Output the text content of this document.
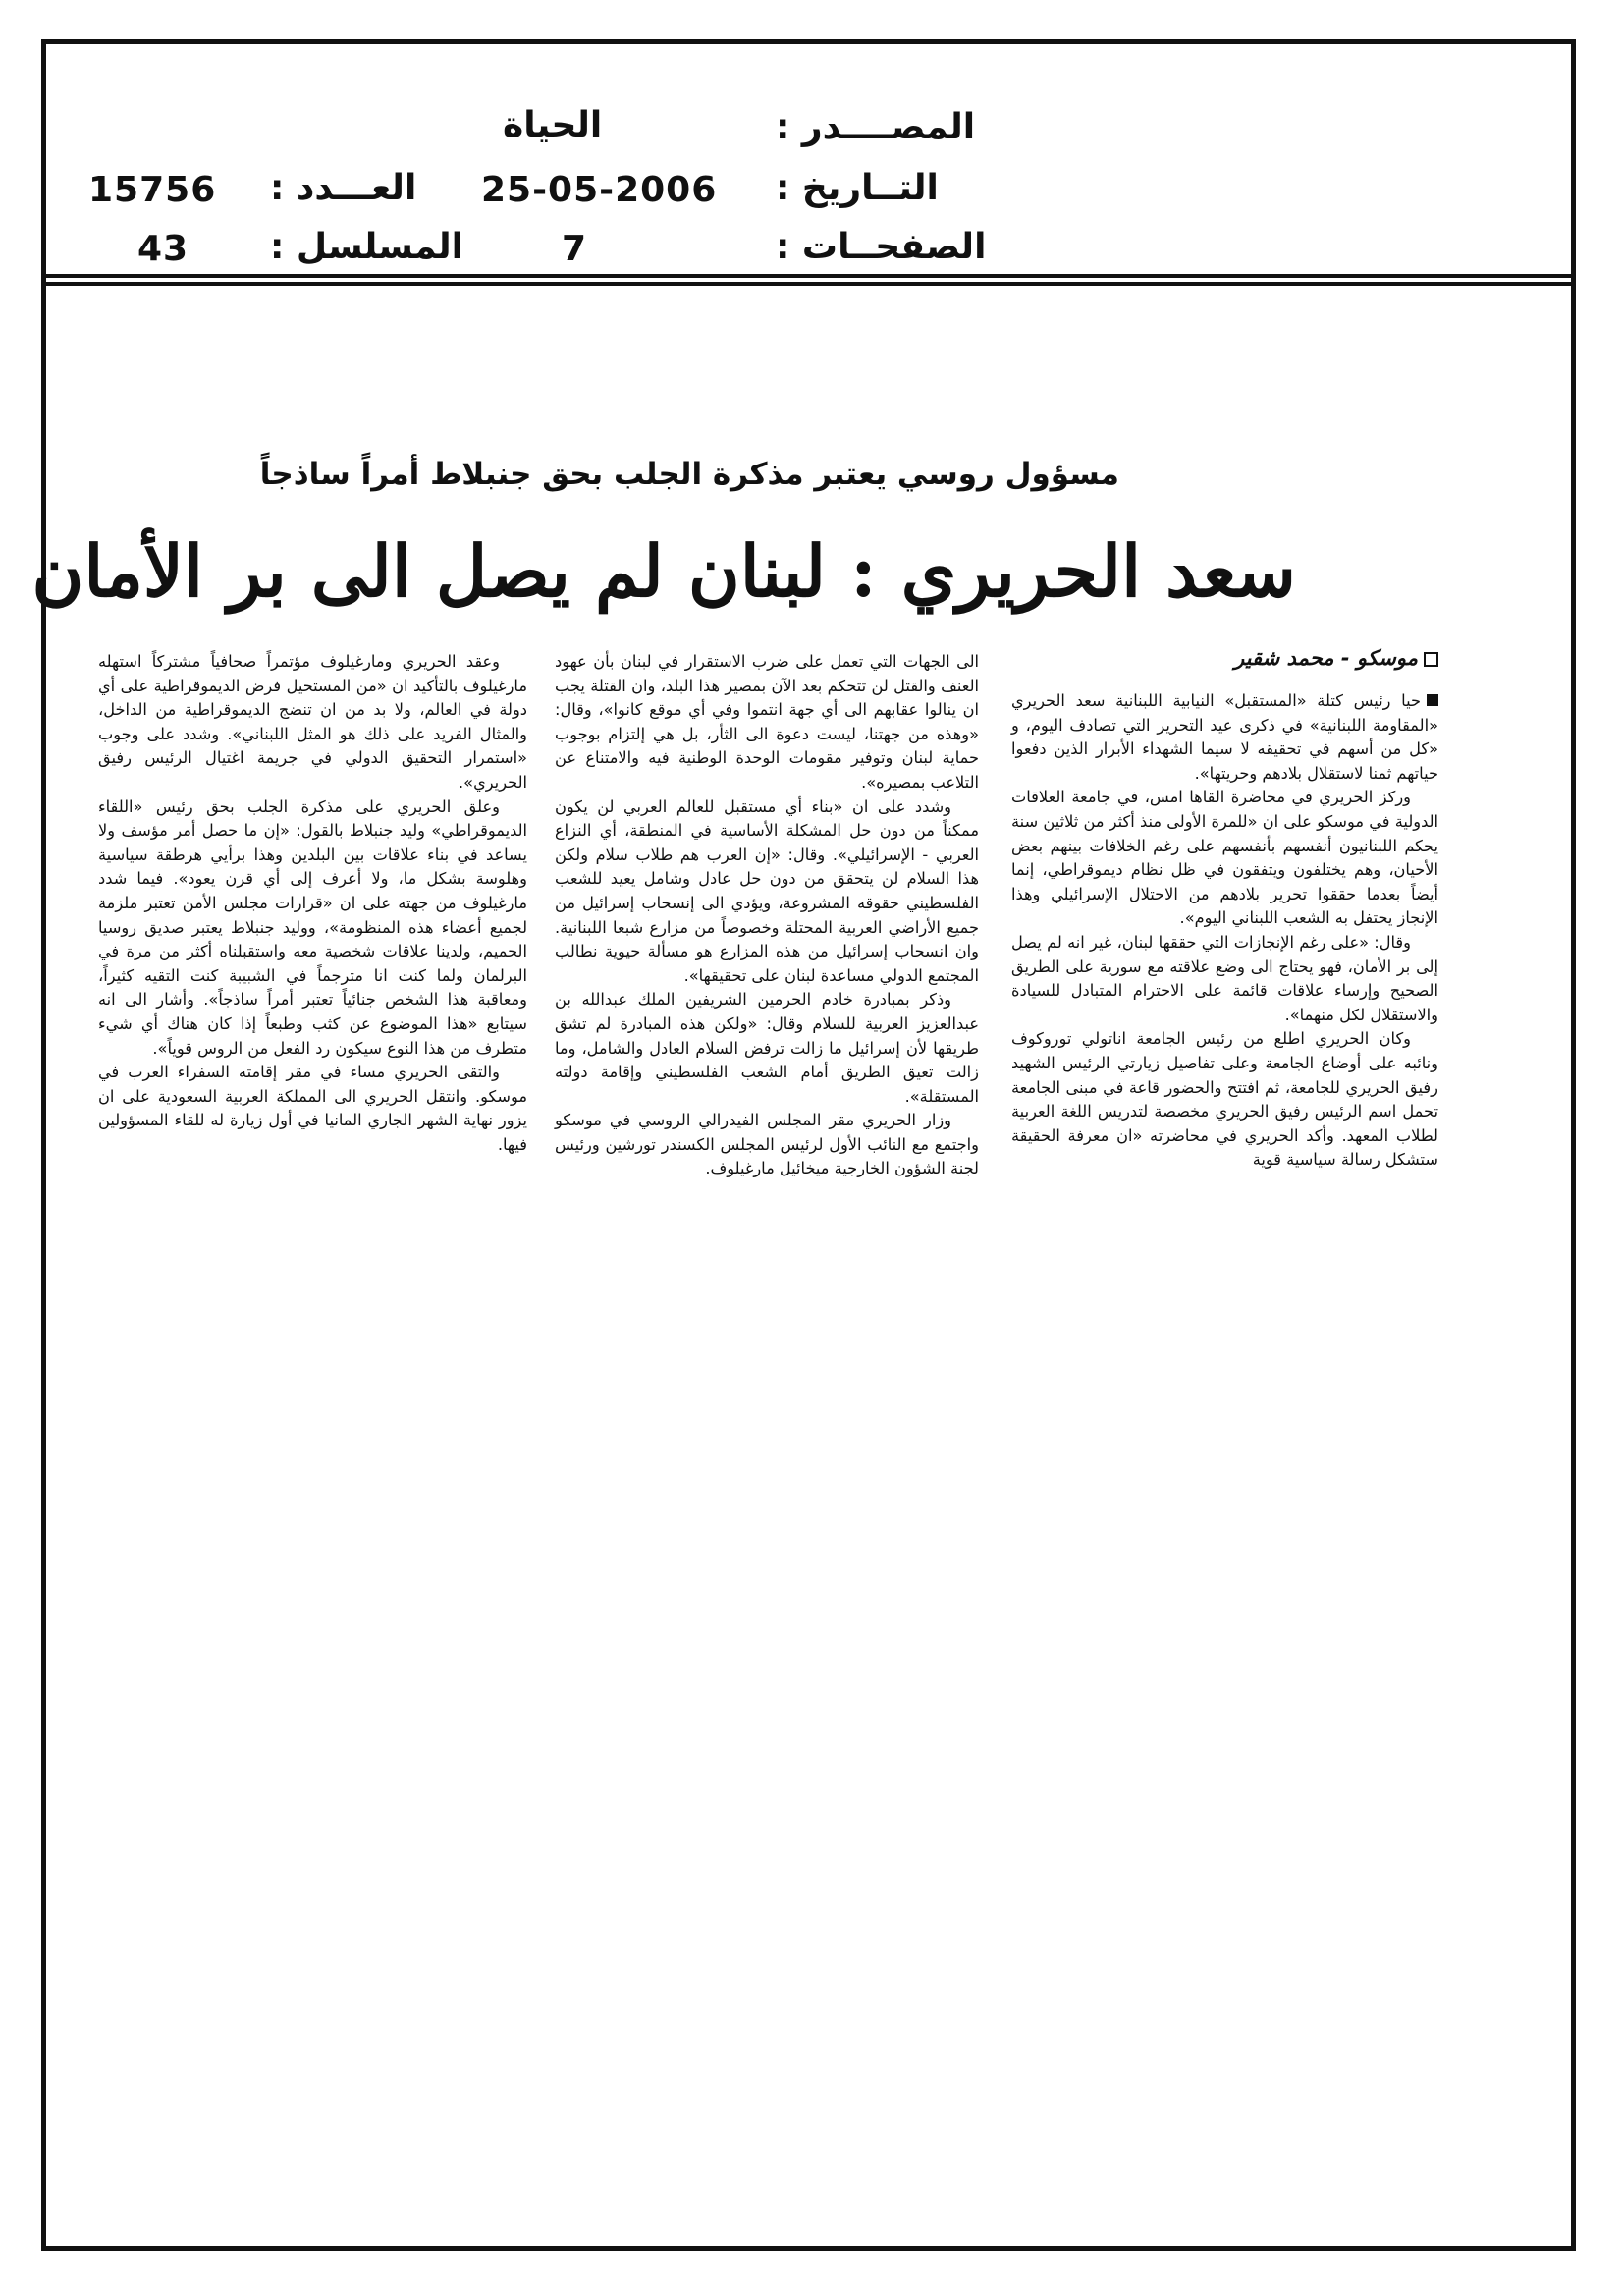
المصــــدر :
الحياة
التــاريخ :
25-05-2006
العـــدد :
15756
الصفحــات :
7
المسلسل :
43
مسؤول روسي يعتبر مذكرة الجلب بحق جنبلاط أمراً ساذجاً
سعد الحريري : لبنان لم يصل الى بر الأمان
موسكو - محمد شقير

حيا رئيس كتلة «المستقبل» النيابية اللبنانية سعد الحريري «المقاومة اللبنانية» في ذكرى عيد التحرير التي تصادف اليوم، و «كل من أسهم في تحقيقه لا سيما الشهداء الأبرار الذين دفعوا حياتهم ثمنا لاستقلال بلادهم وحريتها».

وركز الحريري في محاضرة القاها امس، في جامعة العلاقات الدولية في موسكو على ان «للمرة الأولى منذ أكثر من ثلاثين سنة يحكم اللبنانيون أنفسهم بأنفسهم على رغم الخلافات بينهم بعض الأحيان، وهم يختلفون ويتفقون في ظل نظام ديموقراطي، إنما أيضاً بعدما حققوا تحرير بلادهم من الاحتلال الإسرائيلي وهذا الإنجاز يحتفل به الشعب اللبناني اليوم».

وقال: «على رغم الإنجازات التي حققها لبنان، غير انه لم يصل إلى بر الأمان، فهو يحتاج الى وضع علاقته مع سورية على الطريق الصحيح وإرساء علاقات قائمة على الاحترام المتبادل للسيادة والاستقلال لكل منهما».

وكان الحريري اطلع من رئيس الجامعة اناتولي توروكوف ونائبه على أوضاع الجامعة وعلى تفاصيل زيارتي الرئيس الشهيد رفيق الحريري للجامعة، ثم افتتح والحضور قاعة في مبنى الجامعة تحمل اسم الرئيس رفيق الحريري مخصصة لتدريس اللغة العربية لطلاب المعهد. وأكد الحريري في محاضرته «ان معرفة الحقيقة ستشكل رسالة سياسية قوية

الى الجهات التي تعمل على ضرب الاستقرار في لبنان بأن عهود العنف والقتل لن تتحكم بعد الآن بمصير هذا البلد، وان القتلة يجب ان ينالوا عقابهم الى أي جهة انتموا وفي أي موقع كانوا»، وقال: «وهذه من جهتنا، ليست دعوة الى الثأر، بل هي إلتزام بوجوب حماية لبنان وتوفير مقومات الوحدة الوطنية فيه والامتناع عن التلاعب بمصيره».

وشدد على ان «بناء أي مستقبل للعالم العربي لن يكون ممكناً من دون حل المشكلة الأساسية في المنطقة، أي النزاع العربي - الإسرائيلي». وقال: «إن العرب هم طلاب سلام ولكن هذا السلام لن يتحقق من دون حل عادل وشامل يعيد للشعب الفلسطيني حقوقه المشروعة، ويؤدي الى إنسحاب إسرائيل من جميع الأراضي العربية المحتلة وخصوصاً من مزارع شبعا اللبنانية. وان انسحاب إسرائيل من هذه المزارع هو مسألة حيوية نطالب المجتمع الدولي مساعدة لبنان على تحقيقها».

وذكر بمبادرة خادم الحرمين الشريفين الملك عبدالله بن عبدالعزيز العربية للسلام وقال: «ولكن هذه المبادرة لم تشق طريقها لأن إسرائيل ما زالت ترفض السلام العادل والشامل، وما زالت تعيق الطريق أمام الشعب الفلسطيني وإقامة دولته المستقلة».

وزار الحريري مقر المجلس الفيدرالي الروسي في موسكو واجتمع مع النائب الأول لرئيس المجلس الكسندر تورشين ورئيس لجنة الشؤون الخارجية ميخائيل مارغيلوف.

وعقد الحريري ومارغيلوف مؤتمراً صحافياً مشتركاً استهله مارغيلوف بالتأكيد ان «من المستحيل فرض الديموقراطية على أي دولة في العالم، ولا بد من ان تنضج الديموقراطية من الداخل، والمثال الفريد على ذلك هو المثل اللبناني». وشدد على وجوب «استمرار التحقيق الدولي في جريمة اغتيال الرئيس رفيق الحريري».

وعلق الحريري على مذكرة الجلب بحق رئيس «اللقاء الديموقراطي» وليد جنبلاط بالقول: «إن ما حصل أمر مؤسف ولا يساعد في بناء علاقات بين البلدين وهذا برأيي هرطقة سياسية وهلوسة بشكل ما، ولا أعرف إلى أي قرن يعود». فيما شدد مارغيلوف من جهته على ان «قرارات مجلس الأمن تعتبر ملزمة لجميع أعضاء هذه المنظومة»، ووليد جنبلاط يعتبر صديق روسيا الحميم، ولدينا علاقات شخصية معه واستقبلناه أكثر من مرة في البرلمان ولما كنت انا مترجماً في الشبيبة كنت التقيه كثيراً، ومعاقبة هذا الشخص جنائياً تعتبر أمراً ساذجاً». وأشار الى انه سيتابع «هذا الموضوع عن كثب وطبعاً إذا كان هناك أي شيء متطرف من هذا النوع سيكون رد الفعل من الروس قوياً».

والتقى الحريري مساء في مقر إقامته السفراء العرب في موسكو. وانتقل الحريري الى المملكة العربية السعودية على ان يزور نهاية الشهر الجاري المانيا في أول زيارة له للقاء المسؤولين فيها.
